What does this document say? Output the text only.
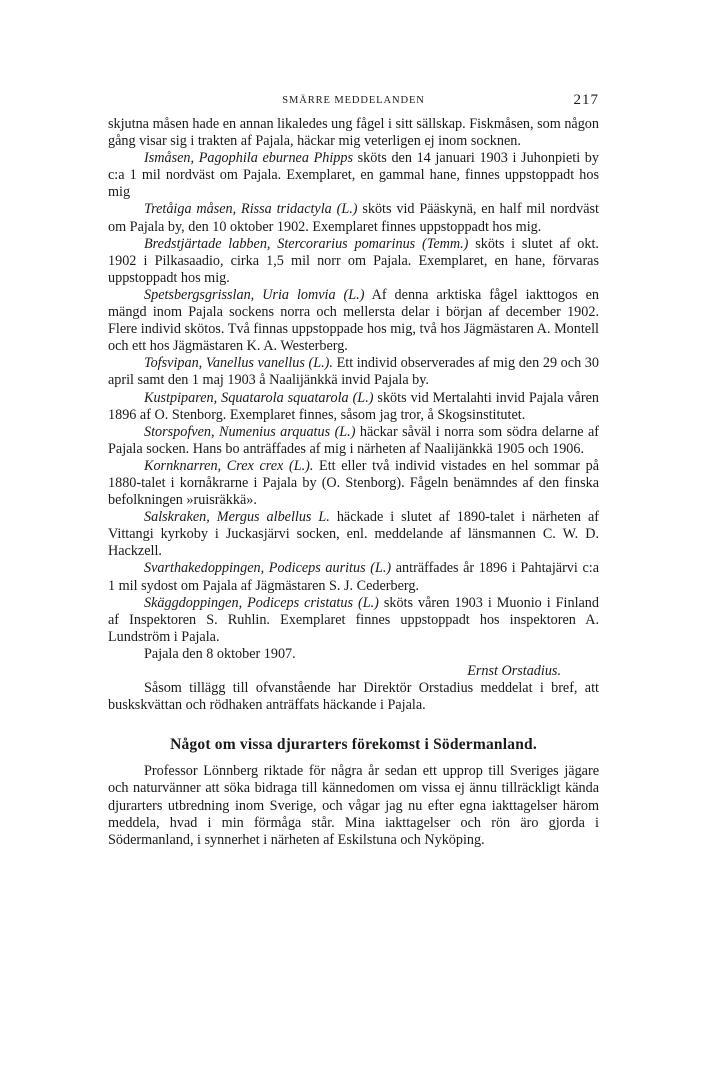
SMÄRRE MEDDELANDEN	217

skjutna måsen hade en annan likaledes ung fågel i sitt sällskap. Fiskmåsen, som någon gång visar sig i trakten af Pajala, häckar mig veterligen ej inom socknen.

Ismåsen, Pagophila eburnea Phipps sköts den 14 januari 1903 i Juhonpieti by c:a 1 mil nordväst om Pajala. Exemplaret, en gammal hane, finnes uppstoppadt hos mig

Tretåiga måsen, Rissa tridactyla (L.) sköts vid Pääskynä, en half mil nordväst om Pajala by, den 10 oktober 1902. Exemplaret finnes uppstoppadt hos mig.

Bredstjärtade labben, Stercorarius pomarinus (Temm.) sköts i slutet af okt. 1902 i Pilkasaadio, cirka 1,5 mil norr om Pajala. Exemplaret, en hane, förvaras uppstoppadt hos mig.

Spetsbergsgrisslan, Uria lomvia (L.) Af denna arktiska fågel iakttogos en mängd inom Pajala sockens norra och mellersta delar i början af december 1902. Flere individ skötos. Två finnas uppstoppade hos mig, två hos Jägmästaren A. Montell och ett hos Jägmästaren K. A. Westerberg.

Tofsvipan, Vanellus vanellus (L.). Ett individ observerades af mig den 29 och 30 april samt den 1 maj 1903 å Naalijänkkä invid Pajala by.

Kustpiparen, Squatarola squatarola (L.) sköts vid Mertalahti invid Pajala våren 1896 af O. Stenborg. Exemplaret finnes, såsom jag tror, å Skogsinstitutet.

Storspofven, Numenius arquatus (L.) häckar såväl i norra som södra delarne af Pajala socken. Hans bo anträffades af mig i närheten af Naalijänkkä 1905 och 1906.

Kornknarren, Crex crex (L.). Ett eller två individ vistades en hel sommar på 1880-talet i kornåkrarne i Pajala by (O. Stenborg). Fågeln benämndes af den finska befolkningen »ruisräkkä».

Salskraken, Mergus albellus L. häckade i slutet af 1890-talet i närheten af Vittangi kyrkoby i Juckasjärvi socken, enl. meddelande af länsmannen C. W. D. Hackzell.

Svarthakedoppingen, Podiceps auritus (L.) anträffades år 1896 i Pahtajärvi c:a 1 mil sydost om Pajala af Jägmästaren S. J. Cederberg.

Skäggdoppingen, Podiceps cristatus (L.) sköts våren 1903 i Muonio i Finland af Inspektoren S. Ruhlin. Exemplaret finnes uppstoppadt hos inspektoren A. Lundström i Pajala.

Pajala den 8 oktober 1907.

Ernst Orstadius.

Såsom tillägg till ofvanstående har Direktör Orstadius meddelat i bref, att buskskvättan och rödhaken anträffats häckande i Pajala.

Något om vissa djurarters förekomst i Södermanland.

Professor Lönnberg riktade för några år sedan ett upprop till Sveriges jägare och naturvänner att söka bidraga till kännedomen om vissa ej ännu tillräckligt kända djurarters utbredning inom Sverige, och vågar jag nu efter egna iakttagelser härom meddela, hvad i min förmåga står. Mina iakttagelser och rön äro gjorda i Södermanland, i synnerhet i närheten af Eskilstuna och Nyköping.
